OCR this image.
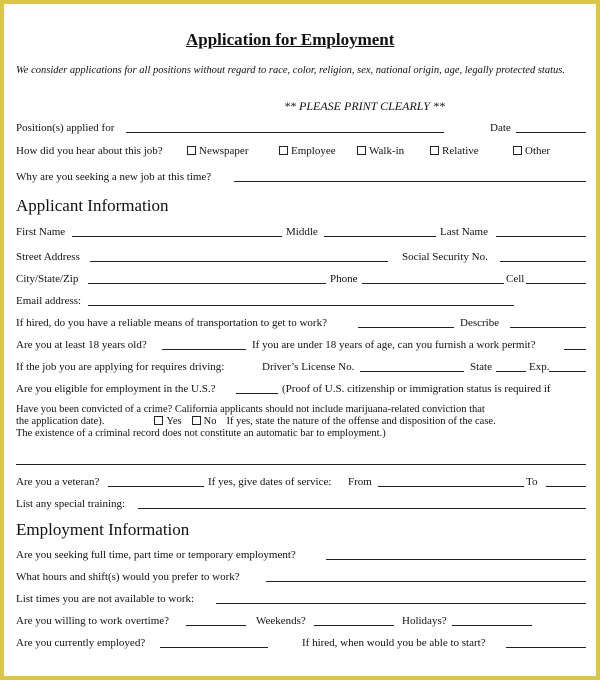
Application for Employment
We consider applications for all positions without regard to race, color, religion, sex, national origin, age, legally protected status.
** PLEASE PRINT CLEARLY **
Position(s) applied for	Date
How did you hear about this job?	Newspaper	Employee	Walk-in	Relative	Other
Why are you seeking a new job at this time?
Applicant Information
First Name	Middle	Last Name
Street Address	Social Security No.
City/State/Zip	Phone	Cell
Email address:
If hired, do you have a reliable means of transportation to get to work?	Describe
Are you at least 18 years old?	If you are under 18 years of age, can you furnish a work permit?
If the job you are applying for requires driving:	Driver’s License No.	State	Exp.
Are you eligible for employment in the U.S.?	(Proof of U.S. citizenship or immigration status is required if
Have you been convicted of a crime? California applicants should not include marijuana-related conviction that
the application date).	Yes No If yes, state the nature of the offense and disposition of the case.
The existence of a criminal record does not constitute an automatic bar to employment.)
Are you a veteran?	If yes, give dates of service: From	To
List any special training:
Employment Information
Are you seeking full time, part time or temporary employment?
What hours and shift(s) would you prefer to work?
List times you are not available to work:
Are you willing to work overtime?	Weekends?	Holidays?
Are you currently employed?	If hired, when would you be able to start?
